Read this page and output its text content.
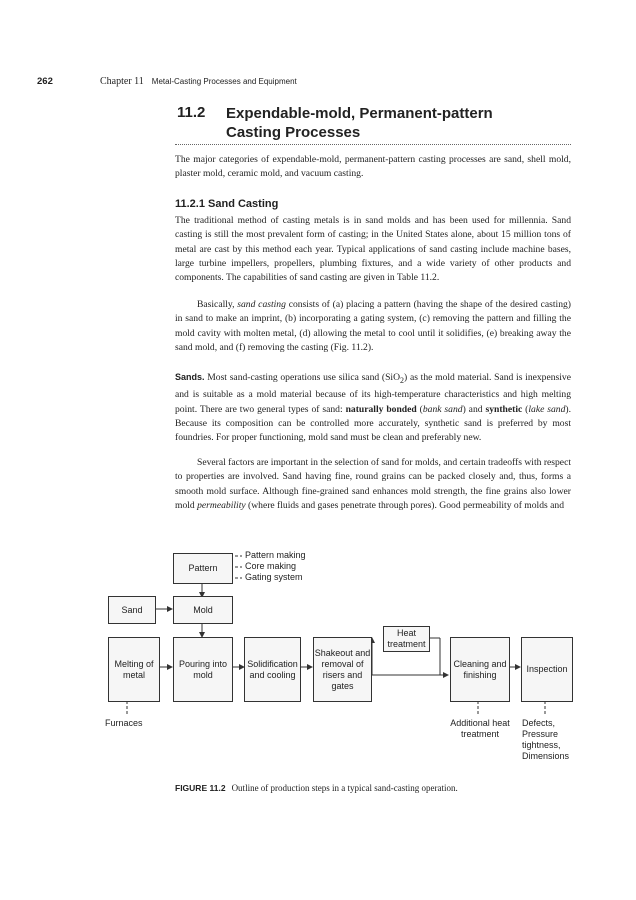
262	Chapter 11 Metal-Casting Processes and Equipment
11.2 Expendable-mold, Permanent-pattern
Casting Processes

The major categories of expendable-mold, permanent-pattern casting processes are sand, shell mold, plaster mold, ceramic mold, and vacuum casting.

11.2.1 Sand Casting

The traditional method of casting metals is in sand molds and has been used for millennia. Sand casting is still the most prevalent form of casting; in the United States alone, about 15 million tons of metal are cast by this method each year. Typical applications of sand casting include machine bases, large turbine impellers, propellers, plumbing fixtures, and a wide variety of other products and components. The capabilities of sand casting are given in Table 11.2.

Basically, sand casting consists of (a) placing a pattern (having the shape of the desired casting) in sand to make an imprint, (b) incorporating a gating system, (c) removing the pattern and filling the mold cavity with molten metal, (d) allowing the metal to cool until it solidifies, (e) breaking away the sand mold, and (f) removing the casting (Fig. 11.2).

Sands. Most sand-casting operations use silica sand (SiO$_2$) as the mold material. Sand is inexpensive and is suitable as a mold material because of its high-temperature characteristics and high melting point. There are two general types of sand: naturally bonded (bank sand) and synthetic (lake sand). Because its composition can be controlled more accurately, synthetic sand is preferred by most foundries. For proper functioning, mold sand must be clean and preferably new.

Several factors are important in the selection of sand for molds, and certain tradeoffs with respect to properties are involved. Sand having fine, round grains can be packed closely and, thus, forms a smooth mold surface. Although fine-grained sand enhances mold strength, the fine grains also lower mold permeability (where fluids and gases penetrate through pores). Good permeability of molds and

Pattern
Pattern making
Core making
Gating system
Sand	Mold
Melting of metal
Pouring into mold
Solidification and cooling
Shakeout and removal of risers and gates
Heat treatment
Cleaning and finishing
Inspection
Furnaces	Additional heat treatment
Defects, Pressure tightness, Dimensions
FIGURE 11.2 Outline of production steps in a typical sand-casting operation.
